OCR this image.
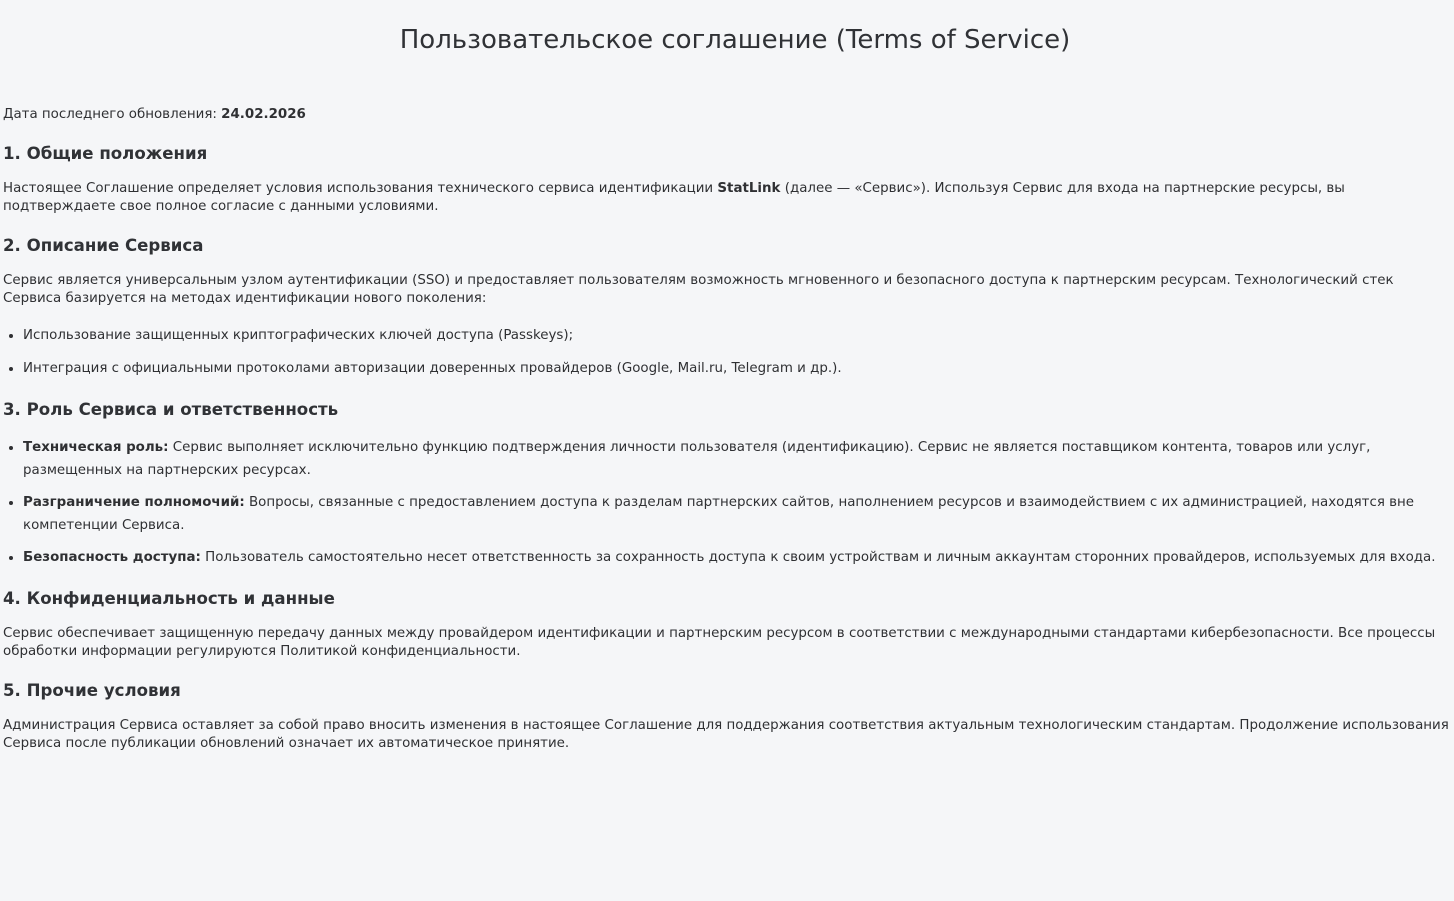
Пользовательское соглашение (Terms of Service)

Дата последнего обновления: 24.02.2026

1. Общие положения

Настоящее Соглашение определяет условия использования технического сервиса идентификации StatLink (далее — «Сервис»). Используя Сервис для входа на партнерские ресурсы, вы подтверждаете свое полное согласие с данными условиями.

2. Описание Сервиса

Сервис является универсальным узлом аутентификации (SSO) и предоставляет пользователям возможность мгновенного и безопасного доступа к партнерским ресурсам. Технологический стек Сервиса базируется на методах идентификации нового поколения:

• Использование защищенных криптографических ключей доступа (Passkeys);
• Интеграция с официальными протоколами авторизации доверенных провайдеров (Google, Mail.ru, Telegram и др.).
3. Роль Сервиса и ответственность
• Техническая роль: Сервис выполняет исключительно функцию подтверждения личности пользователя (идентификацию). Сервис не является поставщиком контента, товаров или услуг, размещенных на партнерских ресурсах.
• Разграничение полномочий: Вопросы, связанные с предоставлением доступа к разделам партнерских сайтов, наполнением ресурсов и взаимодействием с их администрацией, находятся вне компетенции Сервиса.
• Безопасность доступа: Пользователь самостоятельно несет ответственность за сохранность доступа к своим устройствам и личным аккаунтам сторонних провайдеров, используемых для входа.
4. Конфиденциальность и данные

Сервис обеспечивает защищенную передачу данных между провайдером идентификации и партнерским ресурсом в соответствии с международными стандартами кибербезопасности. Все процессы обработки информации регулируются Политикой конфиденциальности.

5. Прочие условия

Администрация Сервиса оставляет за собой право вносить изменения в настоящее Соглашение для поддержания соответствия актуальным технологическим стандартам. Продолжение использования Сервиса после публикации обновлений означает их автоматическое принятие.
